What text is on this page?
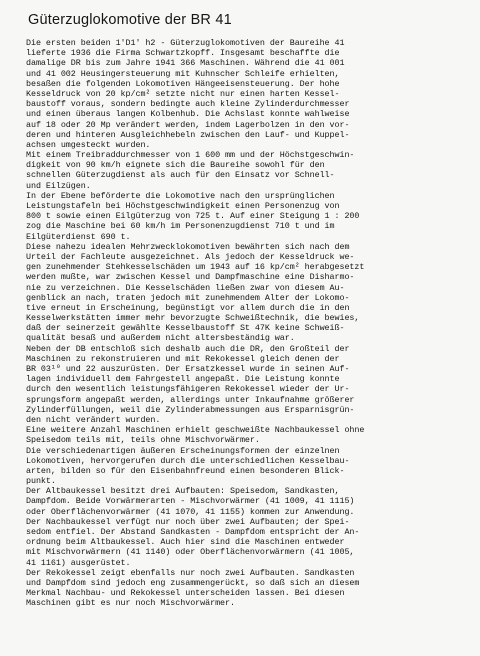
Güterzuglokomotive der BR 41
Die ersten beiden 1'D1' h2 - Güterzuglokomotiven der Baureihe 41
lieferte 1936 die Firma Schwartzkopff. Insgesamt beschaffte die
damalige DR bis zum Jahre 1941 366 Maschinen. Während die 41 001
und 41 002 Heusingersteuerung mit Kuhnscher Schleife erhielten,
besaßen die folgenden Lokomotiven Hängeeisensteuerung. Der hohe
Kesseldruck von 20 kp/cm² setzte nicht nur einen harten Kessel-
baustoff voraus, sondern bedingte auch kleine Zylinderdurchmesser
und einen überaus langen Kolbenhub. Die Achslast konnte wahlweise
auf 18 oder 20 Mp verändert werden, indem Lagerbolzen in den vor-
deren und hinteren Ausgleichhebeln zwischen den Lauf- und Kuppel-
achsen umgesteckt wurden.
Mit einem Treibraddurchmesser von 1 600 mm und der Höchstgeschwin-
digkeit von 90 km/h eignete sich die Baureihe sowohl für den
schnellen Güterzugdienst als auch für den Einsatz vor Schnell-
und Eilzügen.
In der Ebene beförderte die Lokomotive nach den ursprünglichen
Leistungstafeln bei Höchstgeschwindigkeit einen Personenzug von
800 t sowie einen Eilgüterzug von 725 t. Auf einer Steigung 1 : 200
zog die Maschine bei 60 km/h im Personenzugdienst 710 t und im
Eilgüterdienst 690 t.
Diese nahezu idealen Mehrzwecklokomotiven bewährten sich nach dem
Urteil der Fachleute ausgezeichnet. Als jedoch der Kesseldruck we-
gen zunehmender Stehkesselschäden um 1943 auf 16 kp/cm² herabgesetzt
werden mußte, war zwischen Kessel und Dampfmaschine eine Disharmo-
nie zu verzeichnen. Die Kesselschäden ließen zwar von diesem Au-
genblick an nach, traten jedoch mit zunehmendem Alter der Lokomo-
tive erneut in Erscheinung, begünstigt vor allem durch die in den
Kesselwerkstätten immer mehr bevorzugte Schweißtechnik, die bewies,
daß der seinerzeit gewählte Kesselbaustoff St 47K keine Schweiß-
qualität besaß und außerdem nicht altersbeständig war.
Neben der DB entschloß sich deshalb auch die DR, den Großteil der
Maschinen zu rekonstruieren und mit Rekokessel gleich denen der
BR 03¹⁰ und 22 auszurüsten. Der Ersatzkessel wurde in seinen Auf-
lagen individuell dem Fahrgestell angepaßt. Die Leistung konnte
durch den wesentlich leistungsfähigeren Rekokessel wieder der Ur-
sprungsform angepaßt werden, allerdings unter Inkaufnahme größerer
Zylinderfüllungen, weil die Zylinderabmessungen aus Ersparnisgrün-
den nicht verändert wurden.
Eine weitere Anzahl Maschinen erhielt geschweißte Nachbaukessel ohne
Speisedom teils mit, teils ohne Mischvorwärmer.
Die verschiedenartigen äußeren Erscheinungsformen der einzelnen
Lokomotiven, hervorgerufen durch die unterschiedlichen Kesselbau-
arten, bilden so für den Eisenbahnfreund einen besonderen Blick-
punkt.
Der Altbaukessel besitzt drei Aufbauten: Speisedom, Sandkasten,
Dampfdom. Beide Vorwärmerarten - Mischvorwärmer (41 1009, 41 1115)
oder Oberflächenvorwärmer (41 1070, 41 1155) kommen zur Anwendung.
Der Nachbaukessel verfügt nur noch über zwei Aufbauten; der Spei-
sedom entfiel. Der Abstand Sandkasten - Dampfdom entspricht der An-
ordnung beim Altbaukessel. Auch hier sind die Maschinen entweder
mit Mischvorwärmern (41 1140) oder Oberflächenvorwärmern (41 1005,
41 1161) ausgerüstet.
Der Rekokessel zeigt ebenfalls nur noch zwei Aufbauten. Sandkasten
und Dampfdom sind jedoch eng zusammengerückt, so daß sich an diesem
Merkmal Nachbau- und Rekokessel unterscheiden lassen. Bei diesen
Maschinen gibt es nur noch Mischvorwärmer.
